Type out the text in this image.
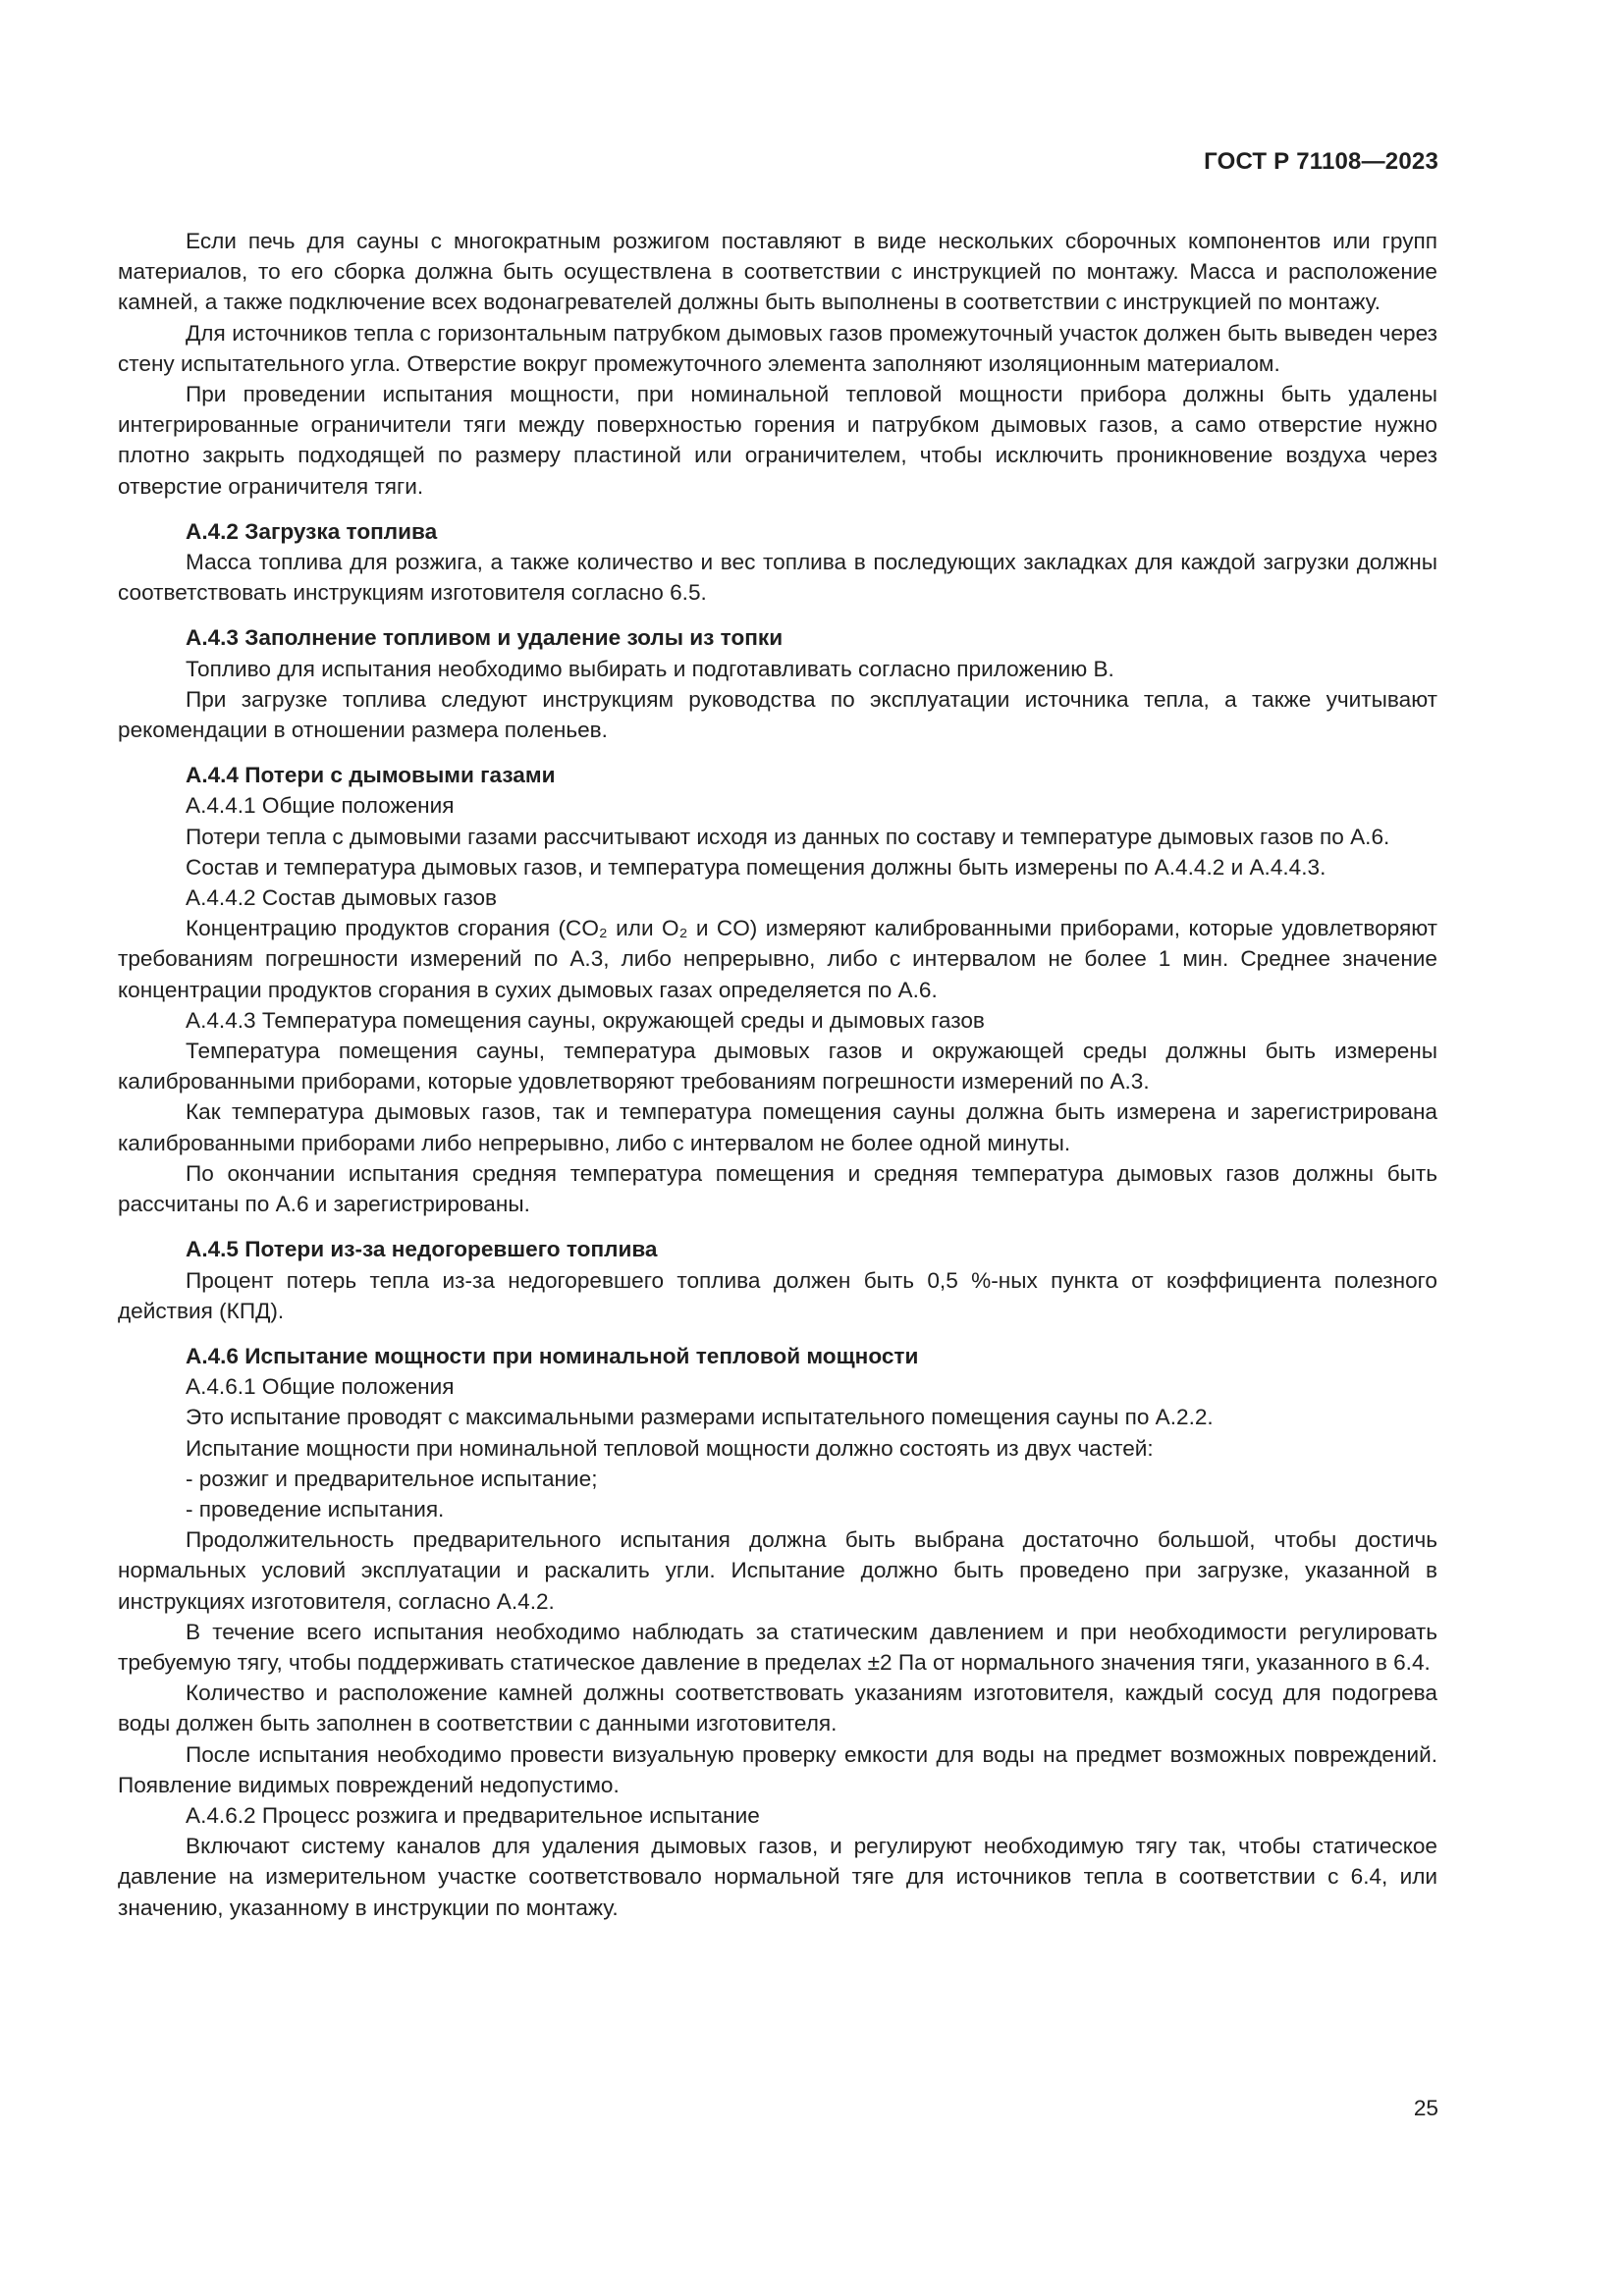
ГОСТ Р 71108—2023

Если печь для сауны с многократным розжигом поставляют в виде нескольких сборочных компонентов или групп материалов, то его сборка должна быть осуществлена в соответствии с инструкцией по монтажу. Масса и расположение камней, а также подключение всех водонагревателей должны быть выполнены в соответствии с инструкцией по монтажу.

Для источников тепла с горизонтальным патрубком дымовых газов промежуточный участок должен быть выведен через стену испытательного угла. Отверстие вокруг промежуточного элемента заполняют изоляционным материалом.

При проведении испытания мощности, при номинальной тепловой мощности прибора должны быть удалены интегрированные ограничители тяги между поверхностью горения и патрубком дымовых газов, а само отверстие нужно плотно закрыть подходящей по размеру пластиной или ограничителем, чтобы исключить проникновение воздуха через отверстие ограничителя тяги.

А.4.2 Загрузка топлива

Масса топлива для розжига, а также количество и вес топлива в последующих закладках для каждой загрузки должны соответствовать инструкциям изготовителя согласно 6.5.

А.4.3 Заполнение топливом и удаление золы из топки

Топливо для испытания необходимо выбирать и подготавливать согласно приложению В.

При загрузке топлива следуют инструкциям руководства по эксплуатации источника тепла, а также учитывают рекомендации в отношении размера поленьев.

А.4.4 Потери с дымовыми газами

А.4.4.1 Общие положения

Потери тепла с дымовыми газами рассчитывают исходя из данных по составу и температуре дымовых газов по А.6.

Состав и температура дымовых газов, и температура помещения должны быть измерены по А.4.4.2 и А.4.4.3.

А.4.4.2 Состав дымовых газов

Концентрацию продуктов сгорания (CO₂ или O₂ и CO) измеряют калиброванными приборами, которые удовлетворяют требованиям погрешности измерений по А.3, либо непрерывно, либо с интервалом не более 1 мин. Среднее значение концентрации продуктов сгорания в сухих дымовых газах определяется по А.6.

А.4.4.3 Температура помещения сауны, окружающей среды и дымовых газов

Температура помещения сауны, температура дымовых газов и окружающей среды должны быть измерены калиброванными приборами, которые удовлетворяют требованиям погрешности измерений по А.3.

Как температура дымовых газов, так и температура помещения сауны должна быть измерена и зарегистрирована калиброванными приборами либо непрерывно, либо с интервалом не более одной минуты.

По окончании испытания средняя температура помещения и средняя температура дымовых газов должны быть рассчитаны по А.6 и зарегистрированы.

А.4.5 Потери из-за недогоревшего топлива

Процент потерь тепла из-за недогоревшего топлива должен быть 0,5 %-ных пункта от коэффициента полезного действия (КПД).

А.4.6 Испытание мощности при номинальной тепловой мощности

А.4.6.1 Общие положения

Это испытание проводят с максимальными размерами испытательного помещения сауны по А.2.2.

Испытание мощности при номинальной тепловой мощности должно состоять из двух частей:

- розжиг и предварительное испытание;

- проведение испытания.

Продолжительность предварительного испытания должна быть выбрана достаточно большой, чтобы достичь нормальных условий эксплуатации и раскалить угли. Испытание должно быть проведено при загрузке, указанной в инструкциях изготовителя, согласно А.4.2.

В течение всего испытания необходимо наблюдать за статическим давлением и при необходимости регулировать требуемую тягу, чтобы поддерживать статическое давление в пределах ±2 Па от нормального значения тяги, указанного в 6.4.

Количество и расположение камней должны соответствовать указаниям изготовителя, каждый сосуд для подогрева воды должен быть заполнен в соответствии с данными изготовителя.

После испытания необходимо провести визуальную проверку емкости для воды на предмет возможных повреждений. Появление видимых повреждений недопустимо.

А.4.6.2 Процесс розжига и предварительное испытание

Включают систему каналов для удаления дымовых газов, и регулируют необходимую тягу так, чтобы статическое давление на измерительном участке соответствовало нормальной тяге для источников тепла в соответствии с 6.4, или значению, указанному в инструкции по монтажу.

25
